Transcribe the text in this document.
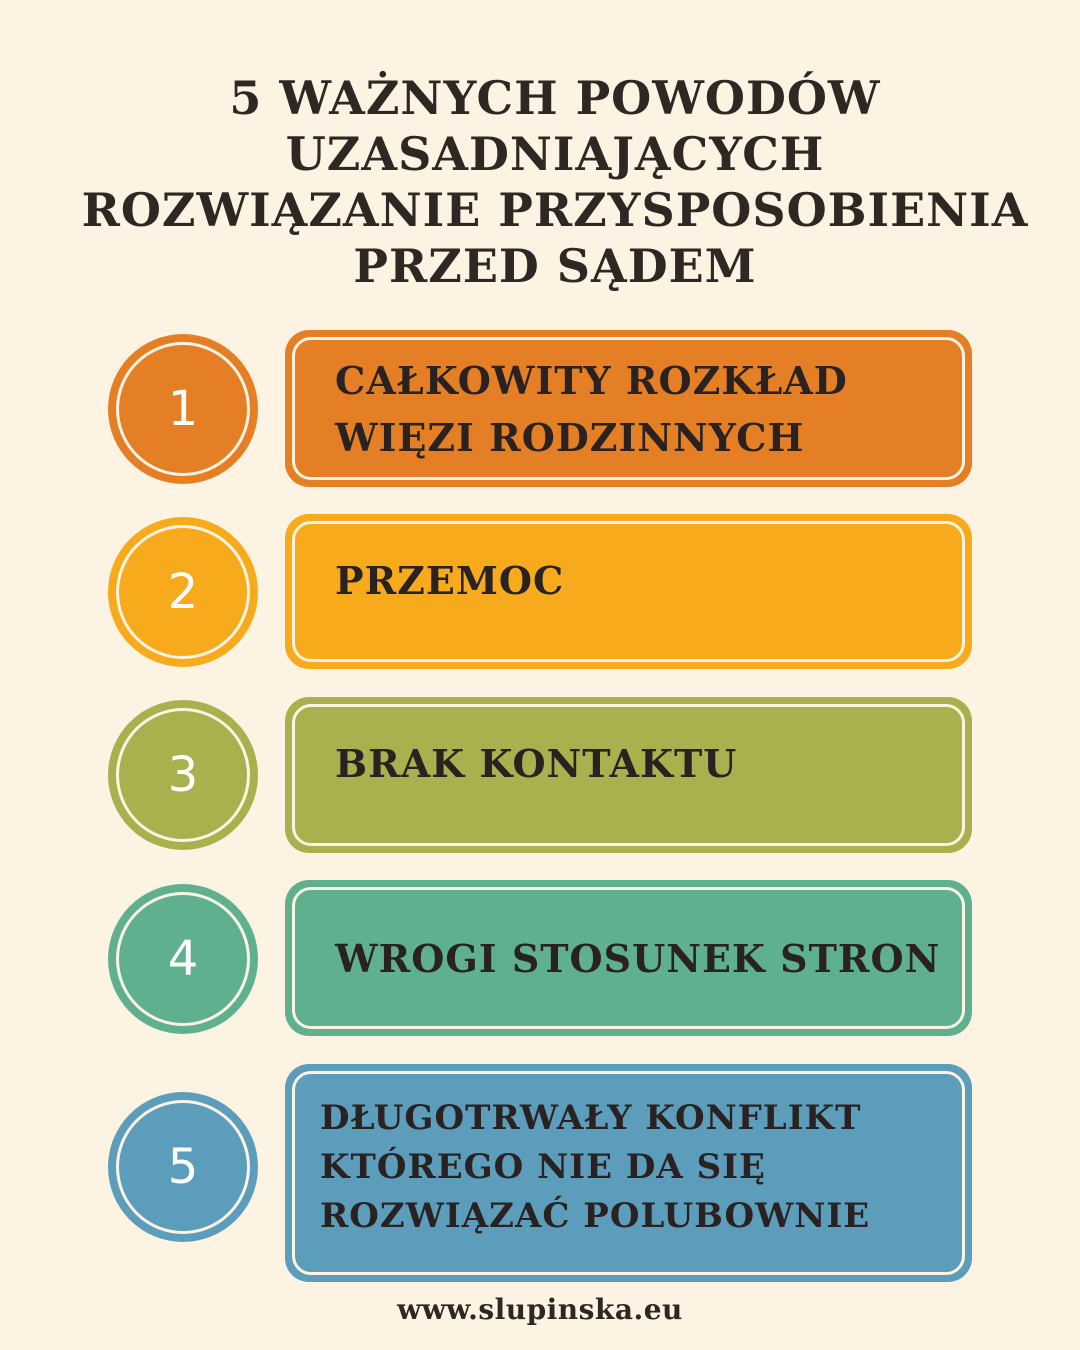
5 WAŻNYCH POWODÓW
UZASADNIAJĄCYCH
ROZWIĄZANIE PRZYSPOSOBIENIA
PRZED SĄDEM
1
CAŁKOWITY ROZKŁAD
WIĘZI RODZINNYCH
2	PRZEMOC
3	BRAK KONTAKTU
4	WROGI STOSUNEK STRON
5
DŁUGOTRWAŁY KONFLIKT
KTÓREGO NIE DA SIĘ
ROZWIĄZAĆ POLUBOWNIE
www.slupinska.eu
